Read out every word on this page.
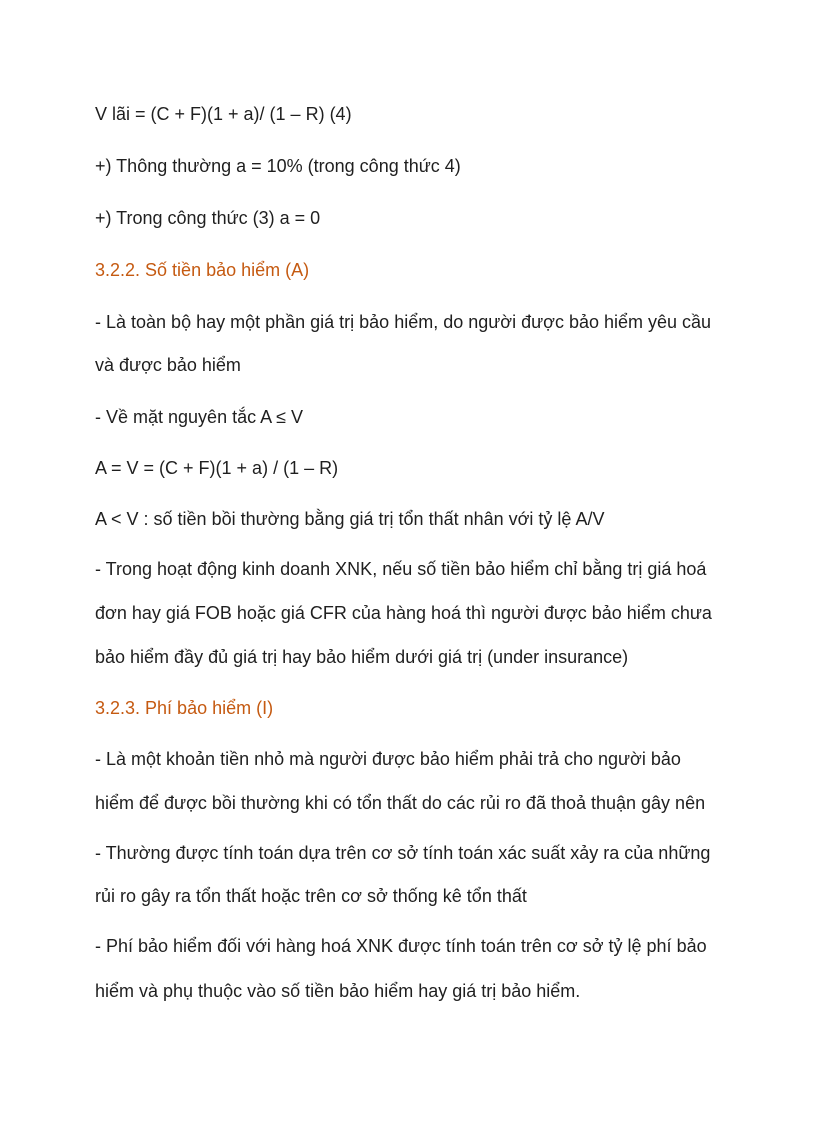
V lãi = (C + F)(1 + a)/ (1 – R) (4)

+) Thông thường a = 10% (trong công thức 4)

+) Trong công thức (3) a = 0

3.2.2. Số tiền bảo hiểm (A)

- Là toàn bộ hay một phần giá trị bảo hiểm, do người được bảo hiểm yêu cầu

và được bảo hiểm

- Về mặt nguyên tắc A ≤ V

A = V = (C + F)(1 + a) / (1 – R)

A < V : số tiền bồi thường bằng giá trị tổn thất nhân với tỷ lệ A/V

- Trong hoạt động kinh doanh XNK, nếu số tiền bảo hiểm chỉ bằng trị giá hoá

đơn hay giá FOB hoặc giá CFR của hàng hoá thì người được bảo hiểm chưa

bảo hiểm đầy đủ giá trị hay bảo hiểm dưới giá trị (under insurance)

3.2.3. Phí bảo hiểm (I)

- Là một khoản tiền nhỏ mà người được bảo hiểm phải trả cho người bảo

hiểm để được bồi thường khi có tổn thất do các rủi ro đã thoả thuận gây nên

- Thường được tính toán dựa trên cơ sở tính toán xác suất xảy ra của những

rủi ro gây ra tổn thất hoặc trên cơ sở thống kê tổn thất

- Phí bảo hiểm đối với hàng hoá XNK được tính toán trên cơ sở tỷ lệ phí bảo

hiểm và phụ thuộc vào số tiền bảo hiểm hay giá trị bảo hiểm.
